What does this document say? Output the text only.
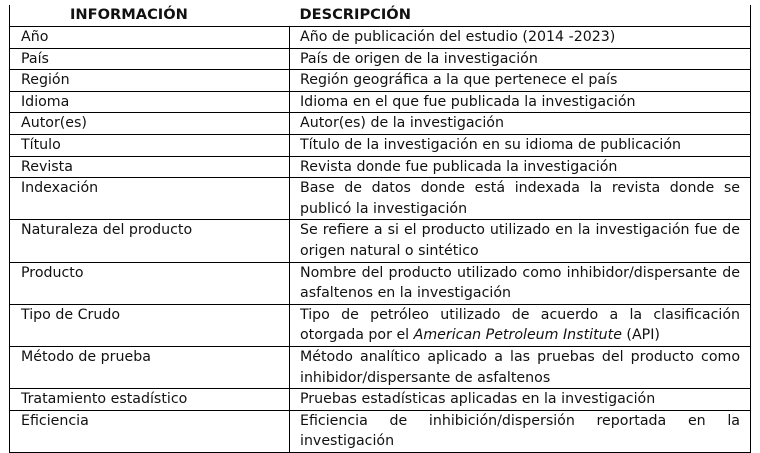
INFORMACIÓN	DESCRIPCIÓN
Año	Año de publicación del estudio (2014 -2023)
País	País de origen de la investigación
Región	Región geográfica a la que pertenece el país
Idioma	Idioma en el que fue publicada la investigación
Autor(es)	Autor(es) de la investigación
Título	Título de la investigación en su idioma de publicación
Revista	Revista donde fue publicada la investigación
Indexación	Base de datos donde está indexada la revista donde se publicó la investigación
Naturaleza del producto	Se refiere a si el producto utilizado en la investigación fue de origen natural o sintético
Producto	Nombre del producto utilizado como inhibidor/dispersante de asfaltenos en la investigación
Tipo de Crudo	Tipo de petróleo utilizado de acuerdo a la clasificación otorgada por el American Petroleum Institute (API)
Método de prueba	Método analítico aplicado a las pruebas del producto como inhibidor/dispersante de asfaltenos
Tratamiento estadístico	Pruebas estadísticas aplicadas en la investigación
Eficiencia	Eficiencia de inhibición/dispersión reportada en la investigación
